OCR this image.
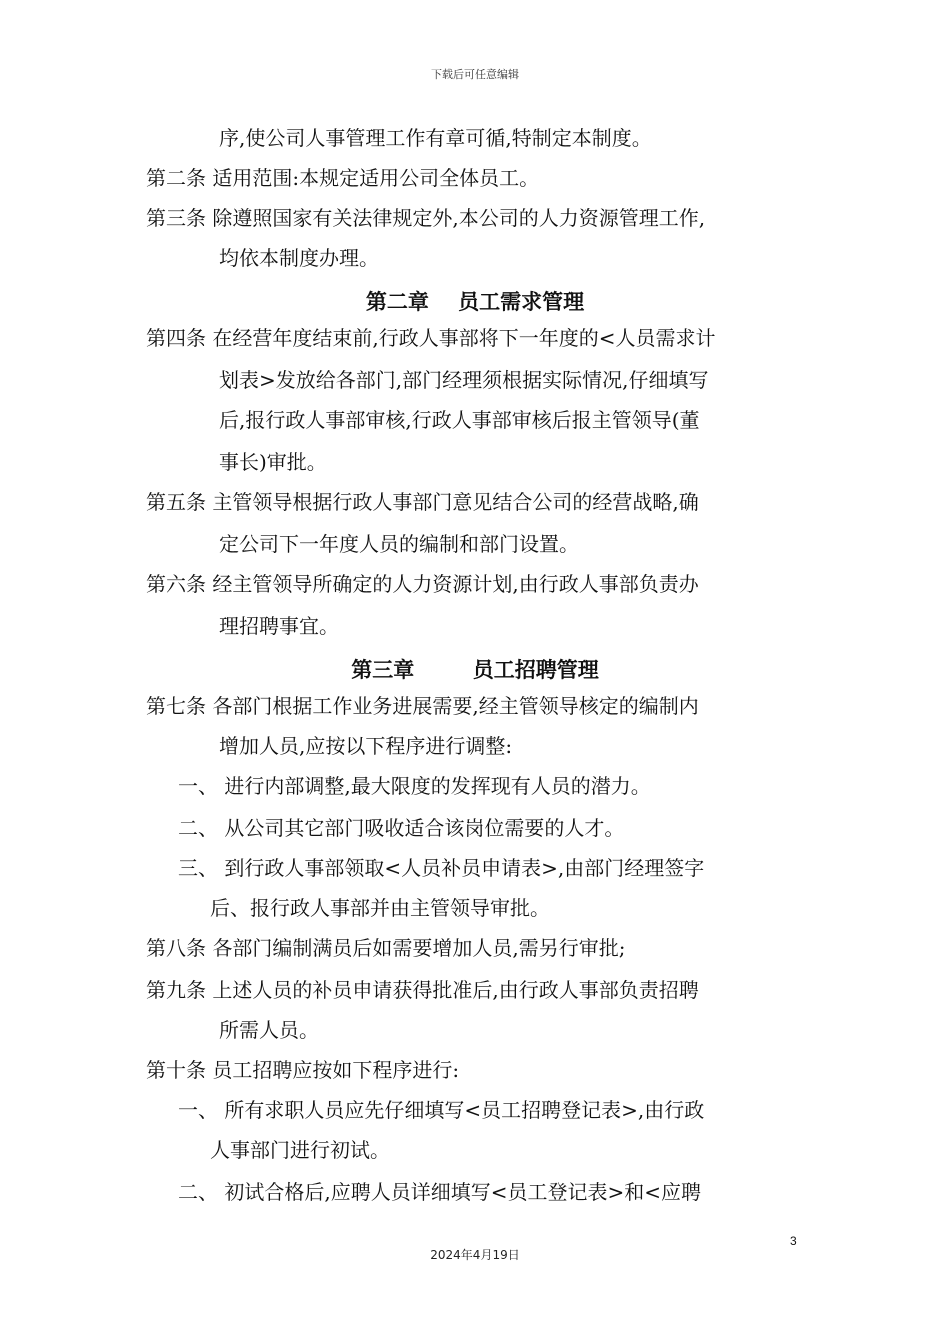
下载后可任意编辑
序,使公司人事管理工作有章可循,特制定本制度。
第二条 适用范围:本规定适用公司全体员工。
第三条 除遵照国家有关法律规定外,本公司的人力资源管理工作,
均依本制度办理。
第二章    员工需求管理
第四条 在经营年度结束前,行政人事部将下一年度的<人员需求计
划表>发放给各部门,部门经理须根据实际情况,仔细填写
后,报行政人事部审核,行政人事部审核后报主管领导(董
事长)审批。
第五条 主管领导根据行政人事部门意见结合公司的经营战略,确
定公司下一年度人员的编制和部门设置。
第六条 经主管领导所确定的人力资源计划,由行政人事部负责办
理招聘事宜。
第三章        员工招聘管理
第七条 各部门根据工作业务进展需要,经主管领导核定的编制内
增加人员,应按以下程序进行调整:
一、 进行内部调整,最大限度的发挥现有人员的潜力。
二、 从公司其它部门吸收适合该岗位需要的人才。
三、 到行政人事部领取<人员补员申请表>,由部门经理签字
后、报行政人事部并由主管领导审批。
第八条 各部门编制满员后如需要增加人员,需另行审批;
第九条 上述人员的补员申请获得批准后,由行政人事部负责招聘
所需人员。
第十条 员工招聘应按如下程序进行:
一、 所有求职人员应先仔细填写<员工招聘登记表>,由行政
人事部门进行初试。
二、 初试合格后,应聘人员详细填写<员工登记表>和<应聘
3
2024年4月19日
